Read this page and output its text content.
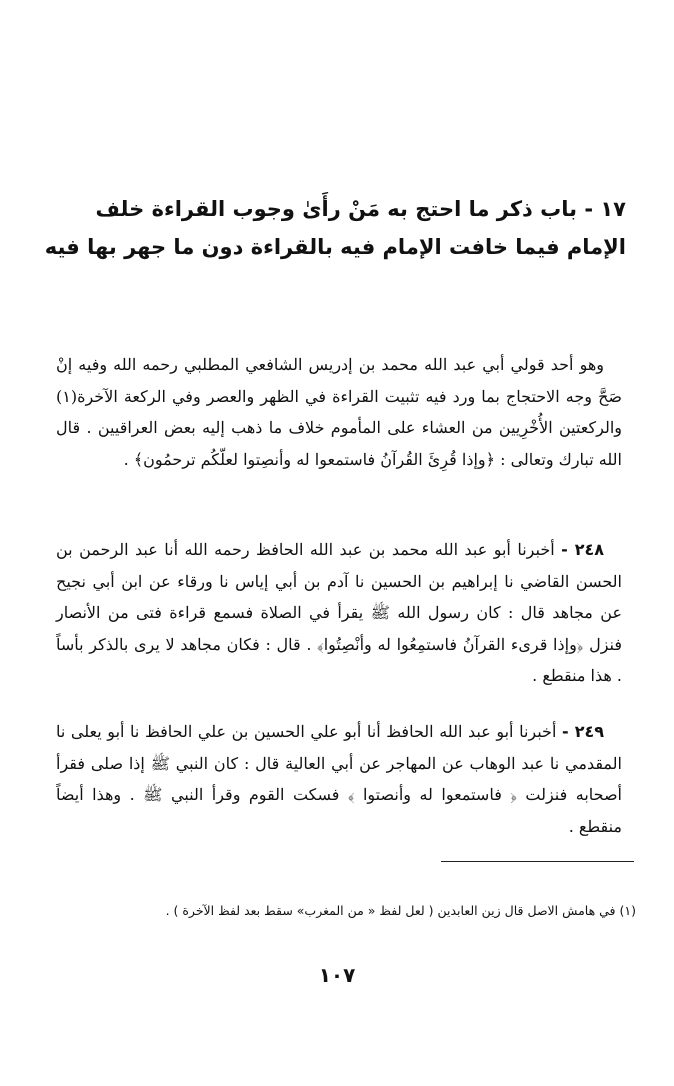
١٧ - باب ذكر ما احتج به مَنْ رأَىٰ وجوب القراءة خلف الإمام فيما خافت الإمام فيه بالقراءة دون ما جهر بها فيه
وهو أحد قولي أبي عبد الله محمد بن إدريس الشافعي المطلبي رحمه الله وفيه إنْ صَحَّ وجه الاحتجاج بما ورد فيه تثبيت القراءة في الظهر والعصر وفي الركعة الآخرة(١) والركعتين الأُخْرِيين من العشاء على المأموم خلاف ما ذهب إليه بعض العراقيين . قال الله تبارك وتعالى : ﴿وإذا قُرِئَ القُرآنُ فاستمعوا له وأنصِتوا لعلّكُم ترحمُون﴾ .
٢٤٨ - أخبرنا أبو عبد الله محمد بن عبد الله الحافظ رحمه الله أنا عبد الرحمن بن الحسن القاضي نا إبراهيم بن الحسين نا آدم بن أبي إياس نا ورقاء عن ابن أبي نجيح عن مجاهد قال : كان رسول الله ﷺ يقرأ في الصلاة فسمع قراءة فتى من الأنصار فنزل ﴿وإذا قرىء القرآنُ فاستمِعُوا له وأنْصِتُوا﴾ . قال : فكان مجاهد لا يرى بالذكر بأساً . هذا منقطع .
٢٤٩ - أخبرنا أبو عبد الله الحافظ أنا أبو علي الحسين بن علي الحافظ نا أبو يعلى نا المقدمي نا عبد الوهاب عن المهاجر عن أبي العالية قال : كان النبي ﷺ إذا صلى فقرأ أصحابه فنزلت ﴿ فاستمعوا له وأنصتوا ﴾ فسكت القوم وقرأ النبي ﷺ . وهذا أيضاً منقطع .
(١) في هامش الاصل قال زين العابدين ( لعل لفظ « من المغرب» سقط بعد لفظ الآخرة ) .
١٠٧
